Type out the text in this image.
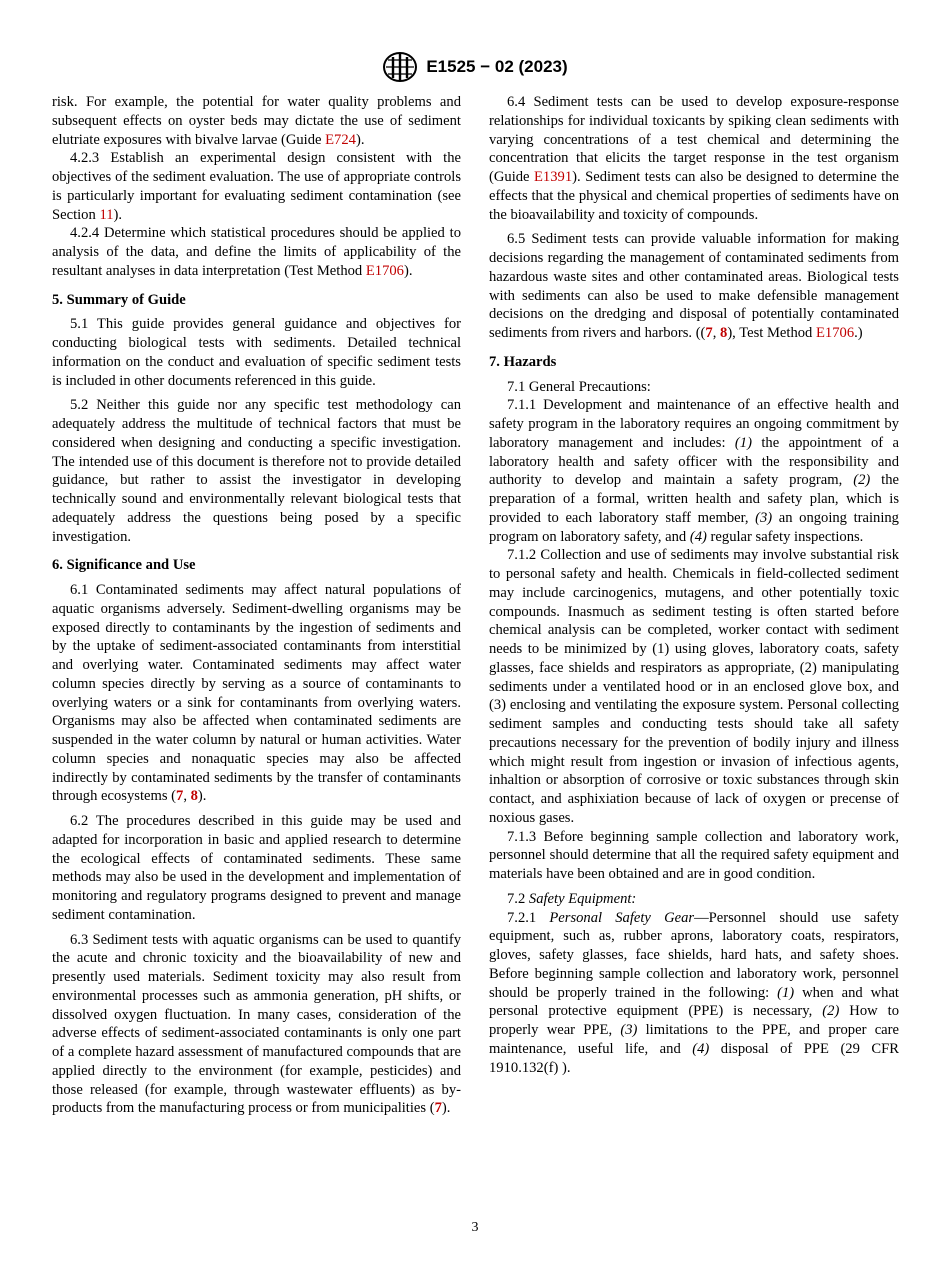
E1525 − 02 (2023)

risk. For example, the potential for water quality problems and subsequent effects on oyster beds may dictate the use of sediment elutriate exposures with bivalve larvae (Guide E724).

4.2.3 Establish an experimental design consistent with the objectives of the sediment evaluation. The use of appropriate controls is particularly important for evaluating sediment contamination (see Section 11).

4.2.4 Determine which statistical procedures should be applied to analysis of the data, and define the limits of applicability of the resultant analyses in data interpretation (Test Method E1706).

5. Summary of Guide

5.1 This guide provides general guidance and objectives for conducting biological tests with sediments. Detailed technical information on the conduct and evaluation of specific sediment tests is included in other documents referenced in this guide.

5.2 Neither this guide nor any specific test methodology can adequately address the multitude of technical factors that must be considered when designing and conducting a specific investigation. The intended use of this document is therefore not to provide detailed guidance, but rather to assist the investigator in developing technically sound and environmentally relevant biological tests that adequately address the questions being posed by a specific investigation.

6. Significance and Use

6.1 Contaminated sediments may affect natural populations of aquatic organisms adversely. Sediment-dwelling organisms may be exposed directly to contaminants by the ingestion of sediments and by the uptake of sediment-associated contaminants from interstitial and overlying water. Contaminated sediments may affect water column species directly by serving as a source of contaminants to overlying waters or a sink for contaminants from overlying waters. Organisms may also be affected when contaminated sediments are suspended in the water column by natural or human activities. Water column species and nonaquatic species may also be affected indirectly by contaminated sediments by the transfer of contaminants through ecosystems (7, 8).

6.2 The procedures described in this guide may be used and adapted for incorporation in basic and applied research to determine the ecological effects of contaminated sediments. These same methods may also be used in the development and implementation of monitoring and regulatory programs designed to prevent and manage sediment contamination.

6.3 Sediment tests with aquatic organisms can be used to quantify the acute and chronic toxicity and the bioavailability of new and presently used materials. Sediment toxicity may also result from environmental processes such as ammonia generation, pH shifts, or dissolved oxygen fluctuation. In many cases, consideration of the adverse effects of sediment-associated contaminants is only one part of a complete hazard assessment of manufactured compounds that are applied directly to the environment (for example, pesticides) and those released (for example, through wastewater effluents) as by-products from the manufacturing process or from municipalities (7).

6.4 Sediment tests can be used to develop exposure-response relationships for individual toxicants by spiking clean sediments with varying concentrations of a test chemical and determining the concentration that elicits the target response in the test organism (Guide E1391). Sediment tests can also be designed to determine the effects that the physical and chemical properties of sediments have on the bioavailability and toxicity of compounds.

6.5 Sediment tests can provide valuable information for making decisions regarding the management of contaminated sediments from hazardous waste sites and other contaminated areas. Biological tests with sediments can also be used to make defensible management decisions on the dredging and disposal of potentially contaminated sediments from rivers and harbors. ((7, 8), Test Method E1706.)

7. Hazards

7.1 General Precautions:

7.1.1 Development and maintenance of an effective health and safety program in the laboratory requires an ongoing commitment by laboratory management and includes: (1) the appointment of a laboratory health and safety officer with the responsibility and authority to develop and maintain a safety program, (2) the preparation of a formal, written health and safety plan, which is provided to each laboratory staff member, (3) an ongoing training program on laboratory safety, and (4) regular safety inspections.

7.1.2 Collection and use of sediments may involve substantial risk to personal safety and health. Chemicals in field-collected sediment may include carcinogenics, mutagens, and other potentially toxic compounds. Inasmuch as sediment testing is often started before chemical analysis can be completed, worker contact with sediment needs to be minimized by (1) using gloves, laboratory coats, safety glasses, face shields and respirators as appropriate, (2) manipulating sediments under a ventilated hood or in an enclosed glove box, and (3) enclosing and ventilating the exposure system. Personal collecting sediment samples and conducting tests should take all safety precautions necessary for the prevention of bodily injury and illness which might result from ingestion or invasion of infectious agents, inhaltion or absorption of corrosive or toxic substances through skin contact, and asphixiation because of lack of oxygen or precense of noxious gases.

7.1.3 Before beginning sample collection and laboratory work, personnel should determine that all the required safety equipment and materials have been obtained and are in good condition.

7.2 Safety Equipment:

7.2.1 Personal Safety Gear—Personnel should use safety equipment, such as, rubber aprons, laboratory coats, respirators, gloves, safety glasses, face shields, hard hats, and safety shoes. Before beginning sample collection and laboratory work, personnel should be properly trained in the following: (1) when and what personal protective equipment (PPE) is necessary, (2) How to properly wear PPE, (3) limitations to the PPE, and proper care maintenance, useful life, and (4) disposal of PPE (29 CFR 1910.132(f) ).

3
